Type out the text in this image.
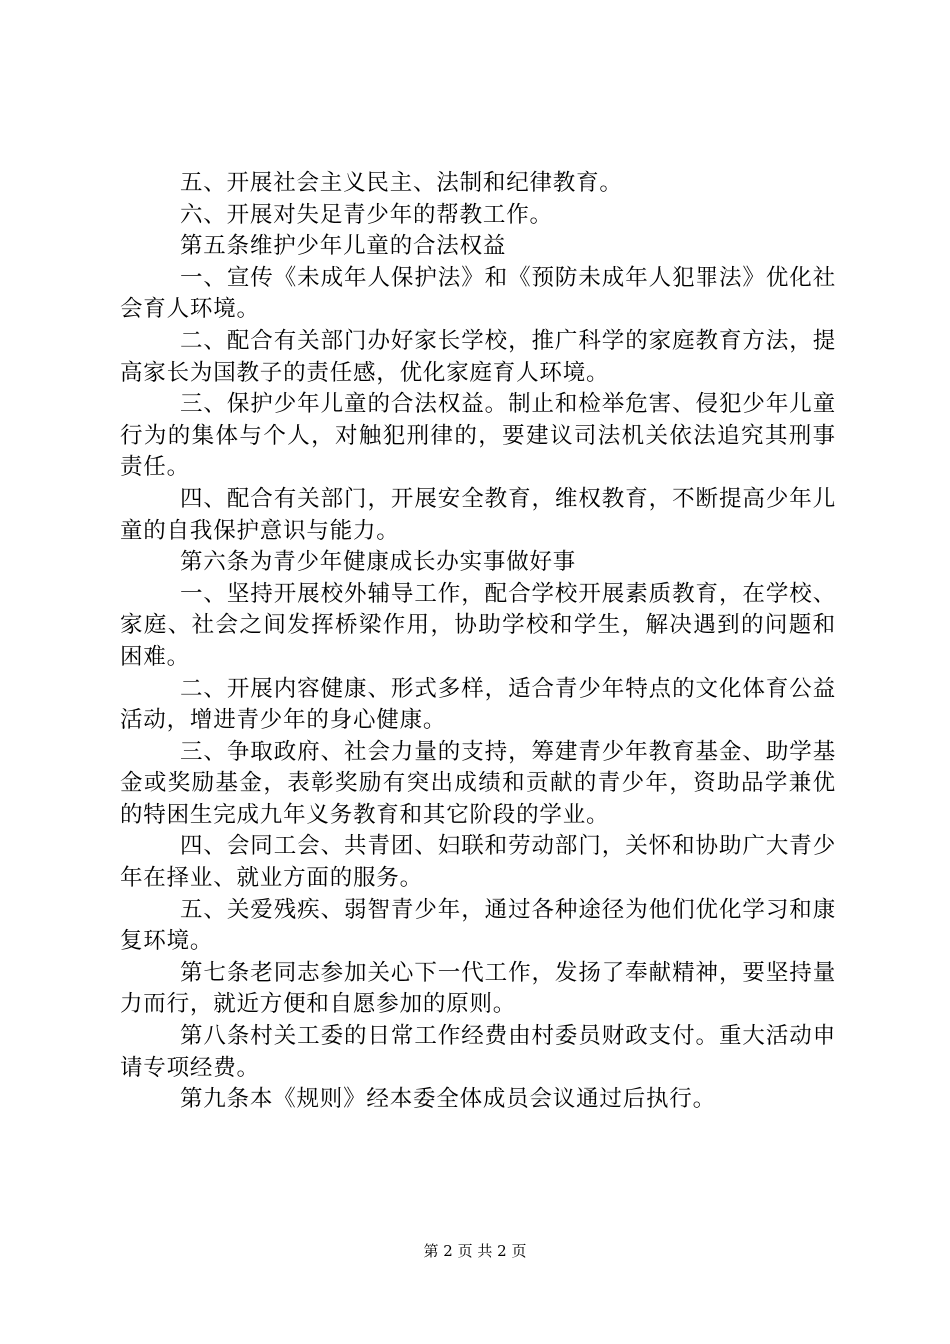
五、开展社会主义民主、法制和纪律教育。

六、开展对失足青少年的帮教工作。

第五条维护少年儿童的合法权益

一、宣传《未成年人保护法》和《预防未成年人犯罪法》优化社会育人环境。

二、配合有关部门办好家长学校，推广科学的家庭教育方法，提高家长为国教子的责任感，优化家庭育人环境。

三、保护少年儿童的合法权益。制止和检举危害、侵犯少年儿童行为的集体与个人，对触犯刑律的，要建议司法机关依法追究其刑事责任。

四、配合有关部门，开展安全教育，维权教育，不断提高少年儿童的自我保护意识与能力。

第六条为青少年健康成长办实事做好事

一、坚持开展校外辅导工作，配合学校开展素质教育，在学校、家庭、社会之间发挥桥梁作用，协助学校和学生，解决遇到的问题和困难。

二、开展内容健康、形式多样，适合青少年特点的文化体育公益活动，增进青少年的身心健康。

三、争取政府、社会力量的支持，筹建青少年教育基金、助学基金或奖励基金，表彰奖励有突出成绩和贡献的青少年，资助品学兼优的特困生完成九年义务教育和其它阶段的学业。

四、会同工会、共青团、妇联和劳动部门，关怀和协助广大青少年在择业、就业方面的服务。

五、关爱残疾、弱智青少年，通过各种途径为他们优化学习和康复环境。

第七条老同志参加关心下一代工作，发扬了奉献精神，要坚持量力而行，就近方便和自愿参加的原则。

第八条村关工委的日常工作经费由村委员财政支付。重大活动申请专项经费。

第九条本《规则》经本委全体成员会议通过后执行。

第 2 页 共 2 页
